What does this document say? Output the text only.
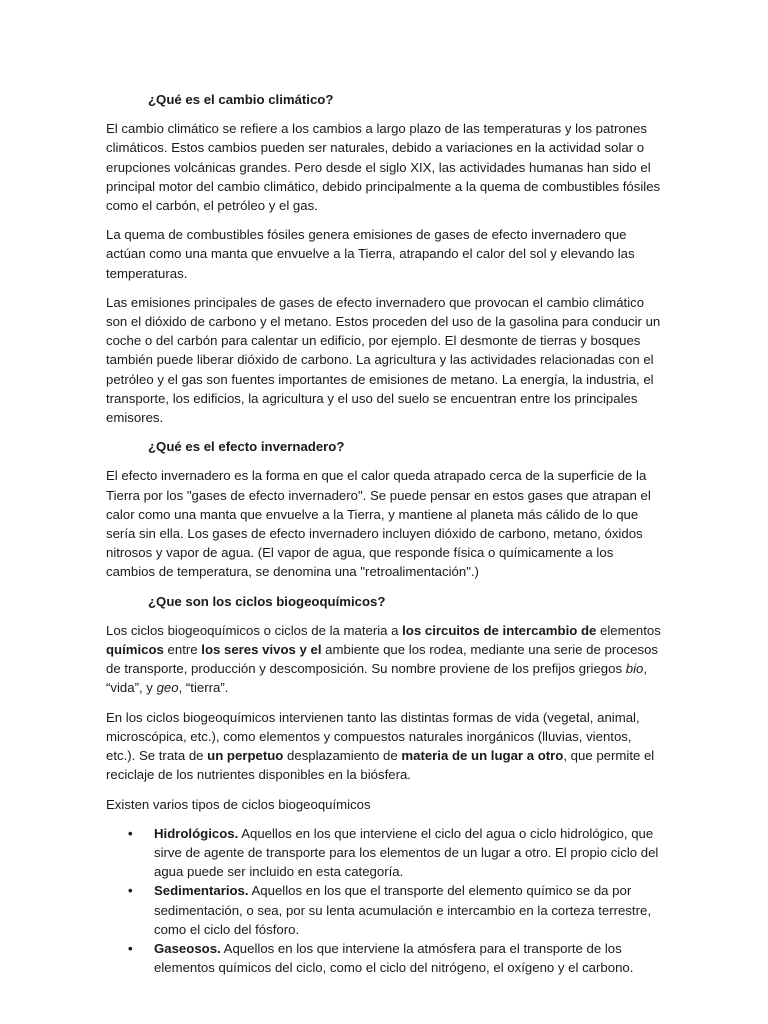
¿Qué es el cambio climático?

El cambio climático se refiere a los cambios a largo plazo de las temperaturas y los patrones climáticos. Estos cambios pueden ser naturales, debido a variaciones en la actividad solar o erupciones volcánicas grandes. Pero desde el siglo XIX, las actividades humanas han sido el principal motor del cambio climático, debido principalmente a la quema de combustibles fósiles como el carbón, el petróleo y el gas.

La quema de combustibles fósiles genera emisiones de gases de efecto invernadero que actúan como una manta que envuelve a la Tierra, atrapando el calor del sol y elevando las temperaturas.

Las emisiones principales de gases de efecto invernadero que provocan el cambio climático son el dióxido de carbono y el metano. Estos proceden del uso de la gasolina para conducir un coche o del carbón para calentar un edificio, por ejemplo. El desmonte de tierras y bosques también puede liberar dióxido de carbono. La agricultura y las actividades relacionadas con el petróleo y el gas son fuentes importantes de emisiones de metano. La energía, la industria, el transporte, los edificios, la agricultura y el uso del suelo se encuentran entre los principales emisores.

¿Qué es el efecto invernadero?

El efecto invernadero es la forma en que el calor queda atrapado cerca de la superficie de la Tierra por los "gases de efecto invernadero". Se puede pensar en estos gases que atrapan el calor como una manta que envuelve a la Tierra, y mantiene al planeta más cálido de lo que sería sin ella. Los gases de efecto invernadero incluyen dióxido de carbono, metano, óxidos nitrosos y vapor de agua. (El vapor de agua, que responde física o químicamente a los cambios de temperatura, se denomina una "retroalimentación".)

¿Que son los ciclos biogeoquímicos?

Los ciclos biogeoquímicos o ciclos de la materia a los circuitos de intercambio de elementos químicos entre los seres vivos y el ambiente que los rodea, mediante una serie de procesos de transporte, producción y descomposición. Su nombre proviene de los prefijos griegos bio, “vida”, y geo, “tierra”.

En los ciclos biogeoquímicos intervienen tanto las distintas formas de vida (vegetal, animal, microscópica, etc.), como elementos y compuestos naturales inorgánicos (lluvias, vientos, etc.). Se trata de un perpetuo desplazamiento de materia de un lugar a otro, que permite el reciclaje de los nutrientes disponibles en la biósfera.

Existen varios tipos de ciclos biogeoquímicos

• Hidrológicos. Aquellos en los que interviene el ciclo del agua o ciclo hidrológico, que sirve de agente de transporte para los elementos de un lugar a otro. El propio ciclo del agua puede ser incluido en esta categoría.
• Sedimentarios. Aquellos en los que el transporte del elemento químico se da por sedimentación, o sea, por su lenta acumulación e intercambio en la corteza terrestre, como el ciclo del fósforo.
• Gaseosos. Aquellos en los que interviene la atmósfera para el transporte de los elementos químicos del ciclo, como el ciclo del nitrógeno, el oxígeno y el carbono.
